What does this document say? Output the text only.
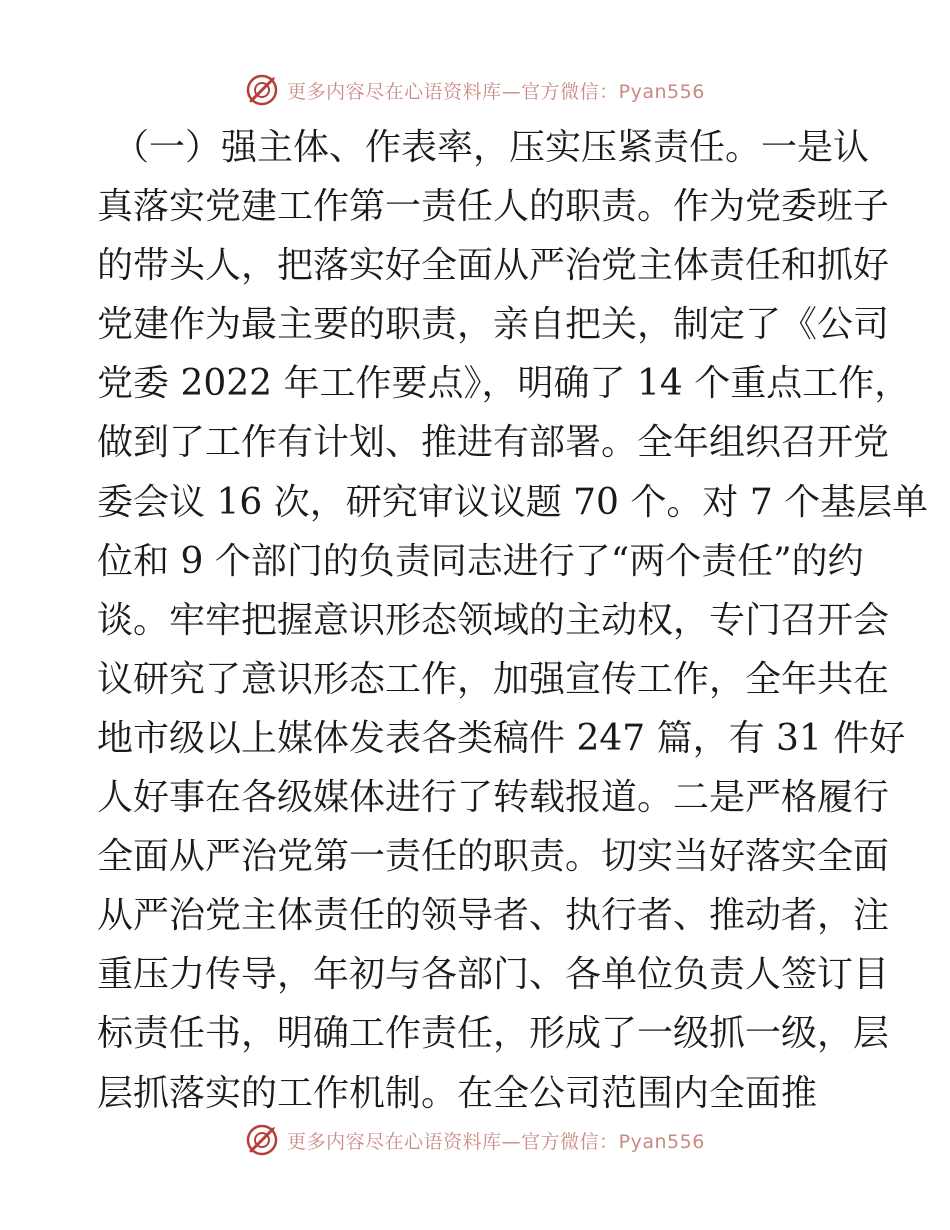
更多内容尽在心语资料库—官方微信：Pyan556
（一）强主体、作表率，压实压紧责任。一是认
真落实党建工作第一责任人的职责。作为党委班子
的带头人，把落实好全面从严治党主体责任和抓好
党建作为最主要的职责，亲自把关，制定了《公司
党委 2022 年工作要点》，明确了 14 个重点工作，
做到了工作有计划、推进有部署。全年组织召开党
委会议 16 次，研究审议议题 70 个。对 7 个基层单
位和 9 个部门的负责同志进行了“两个责任”的约
谈。牢牢把握意识形态领域的主动权，专门召开会
议研究了意识形态工作，加强宣传工作，全年共在
地市级以上媒体发表各类稿件 247 篇，有 31 件好
人好事在各级媒体进行了转载报道。二是严格履行
全面从严治党第一责任的职责。切实当好落实全面
从严治党主体责任的领导者、执行者、推动者，注
重压力传导，年初与各部门、各单位负责人签订目
标责任书，明确工作责任，形成了一级抓一级，层
层抓落实的工作机制。在全公司范围内全面推
更多内容尽在心语资料库—官方微信：Pyan556
